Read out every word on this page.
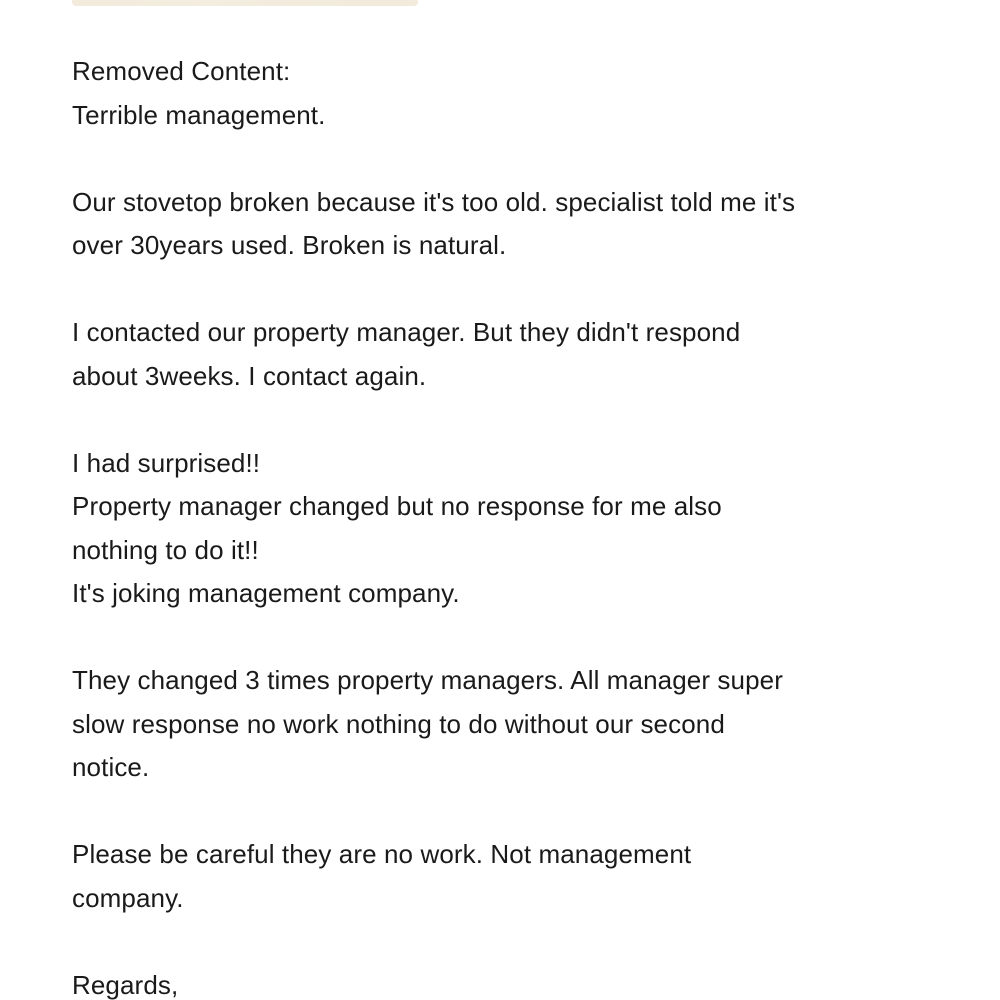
Removed Content:
Terrible management.
Our stovetop broken because it's too old. specialist told me it's
over 30years used. Broken is natural.
I contacted our property manager. But they didn't respond
about 3weeks. I contact again.
I had surprised!!
Property manager changed but no response for me also
nothing to do it!!
It's joking management company.
They changed 3 times property managers. All manager super
slow response no work nothing to do without our second
notice.
Please be careful they are no work. Not management
company.
Regards,
